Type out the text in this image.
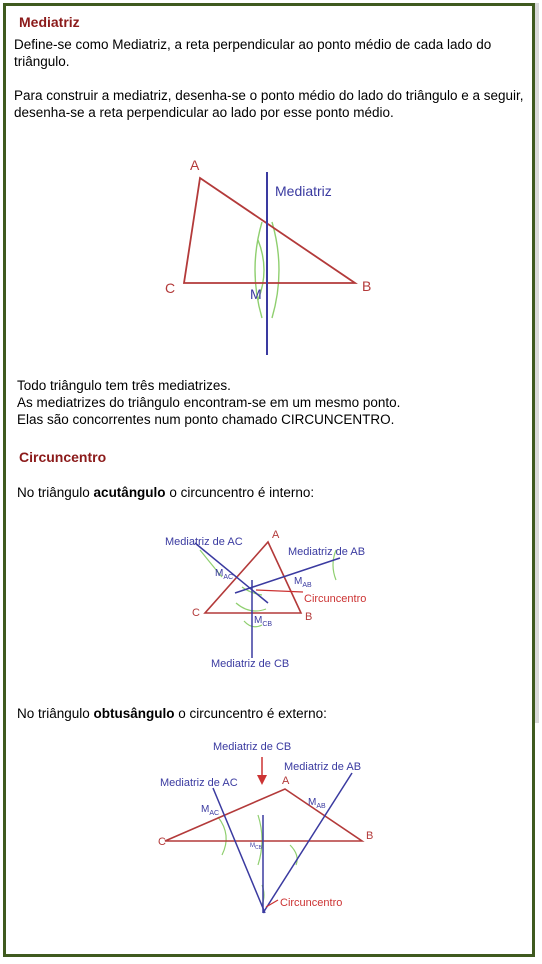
Mediatriz
Define-se como Mediatriz, a reta perpendicular ao ponto médio de cada lado do triângulo.
Para construir a mediatriz, desenha-se o ponto médio do lado do triângulo e a seguir, desenha-se a reta perpendicular ao lado por esse ponto médio.
A
B
C	M
Mediatriz
Todo triângulo tem três mediatrizes.
As mediatrizes do triângulo encontram-se em um mesmo ponto.
Elas são concorrentes num ponto chamado CIRCUNCENTRO.
Circuncentro
No triângulo acutângulo o circuncentro é interno:
A
B
C
Mediatriz de AC
Mediatriz de AB
Mediatriz de CB
$M_{AC}$	$M_{AB}$
$M_{CB}$
Circuncentro
No triângulo obtusângulo o circuncentro é externo:
A
B
C
Mediatriz de CB
Mediatriz de AC
Mediatriz de AB
$M_{AC}$
$M_{AB}$
$M_{CB}$
Circuncentro
